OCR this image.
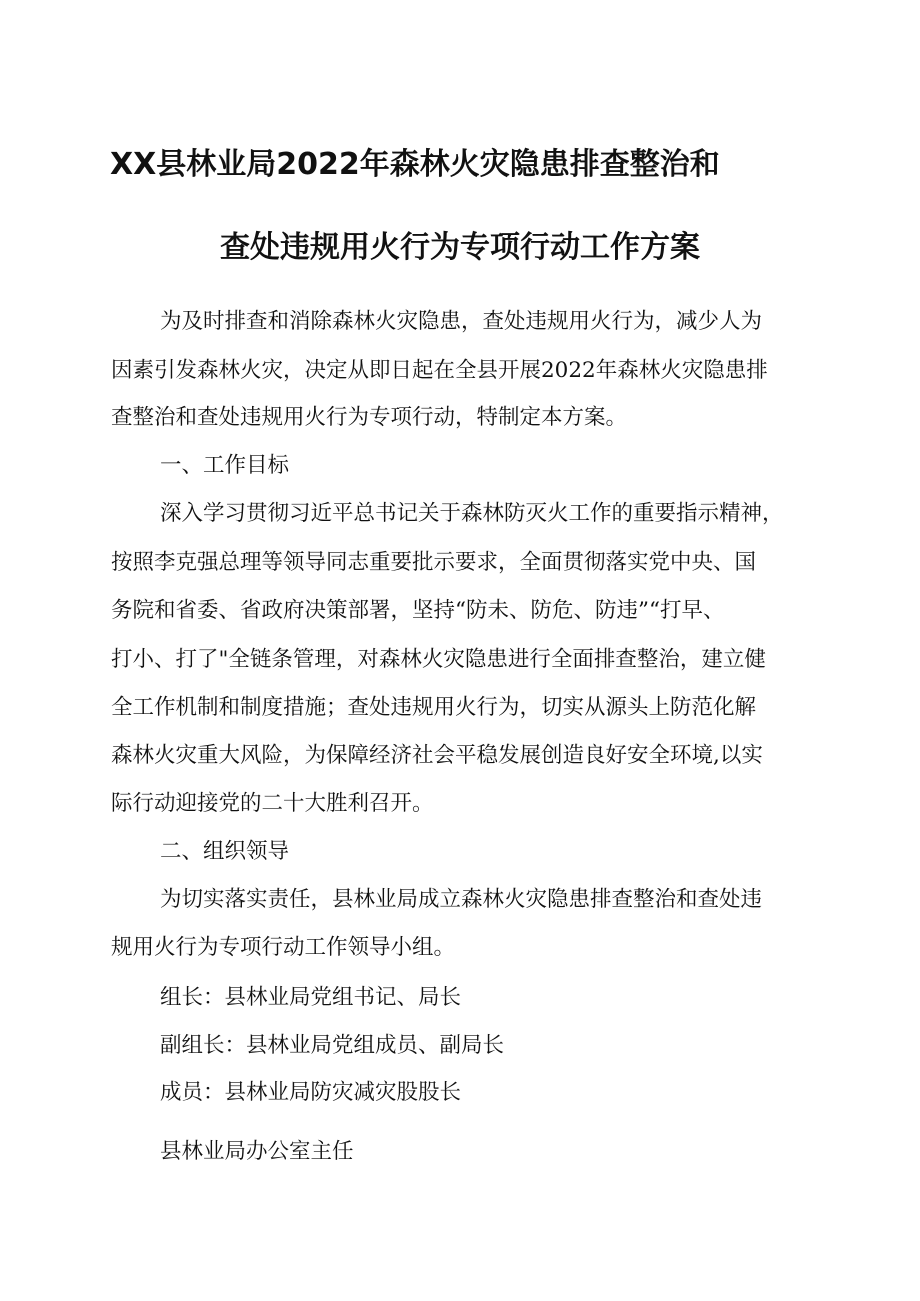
XX县林业局2022年森林火灾隐患排查整治和
查处违规用火行为专项行动工作方案
为及时排查和消除森林火灾隐患，查处违规用火行为，减少人为
因素引发森林火灾，决定从即日起在全县开展2022年森林火灾隐患排
查整治和查处违规用火行为专项行动，特制定本方案。
一、工作目标
深入学习贯彻习近平总书记关于森林防灭火工作的重要指示精神，
按照李克强总理等领导同志重要批示要求，全面贯彻落实党中央、国
务院和省委、省政府决策部署，坚持“防未、防危、防违”“打早、
打小、打了"全链条管理，对森林火灾隐患进行全面排查整治，建立健
全工作机制和制度措施；查处违规用火行为，切实从源头上防范化解
森林火灾重大风险，为保障经济社会平稳发展创造良好安全环境,以实
际行动迎接党的二十大胜利召开。
二、组织领导
为切实落实责任，县林业局成立森林火灾隐患排查整治和查处违
规用火行为专项行动工作领导小组。
组长：县林业局党组书记、局长
副组长：县林业局党组成员、副局长
成员：县林业局防灾减灾股股长
县林业局办公室主任
